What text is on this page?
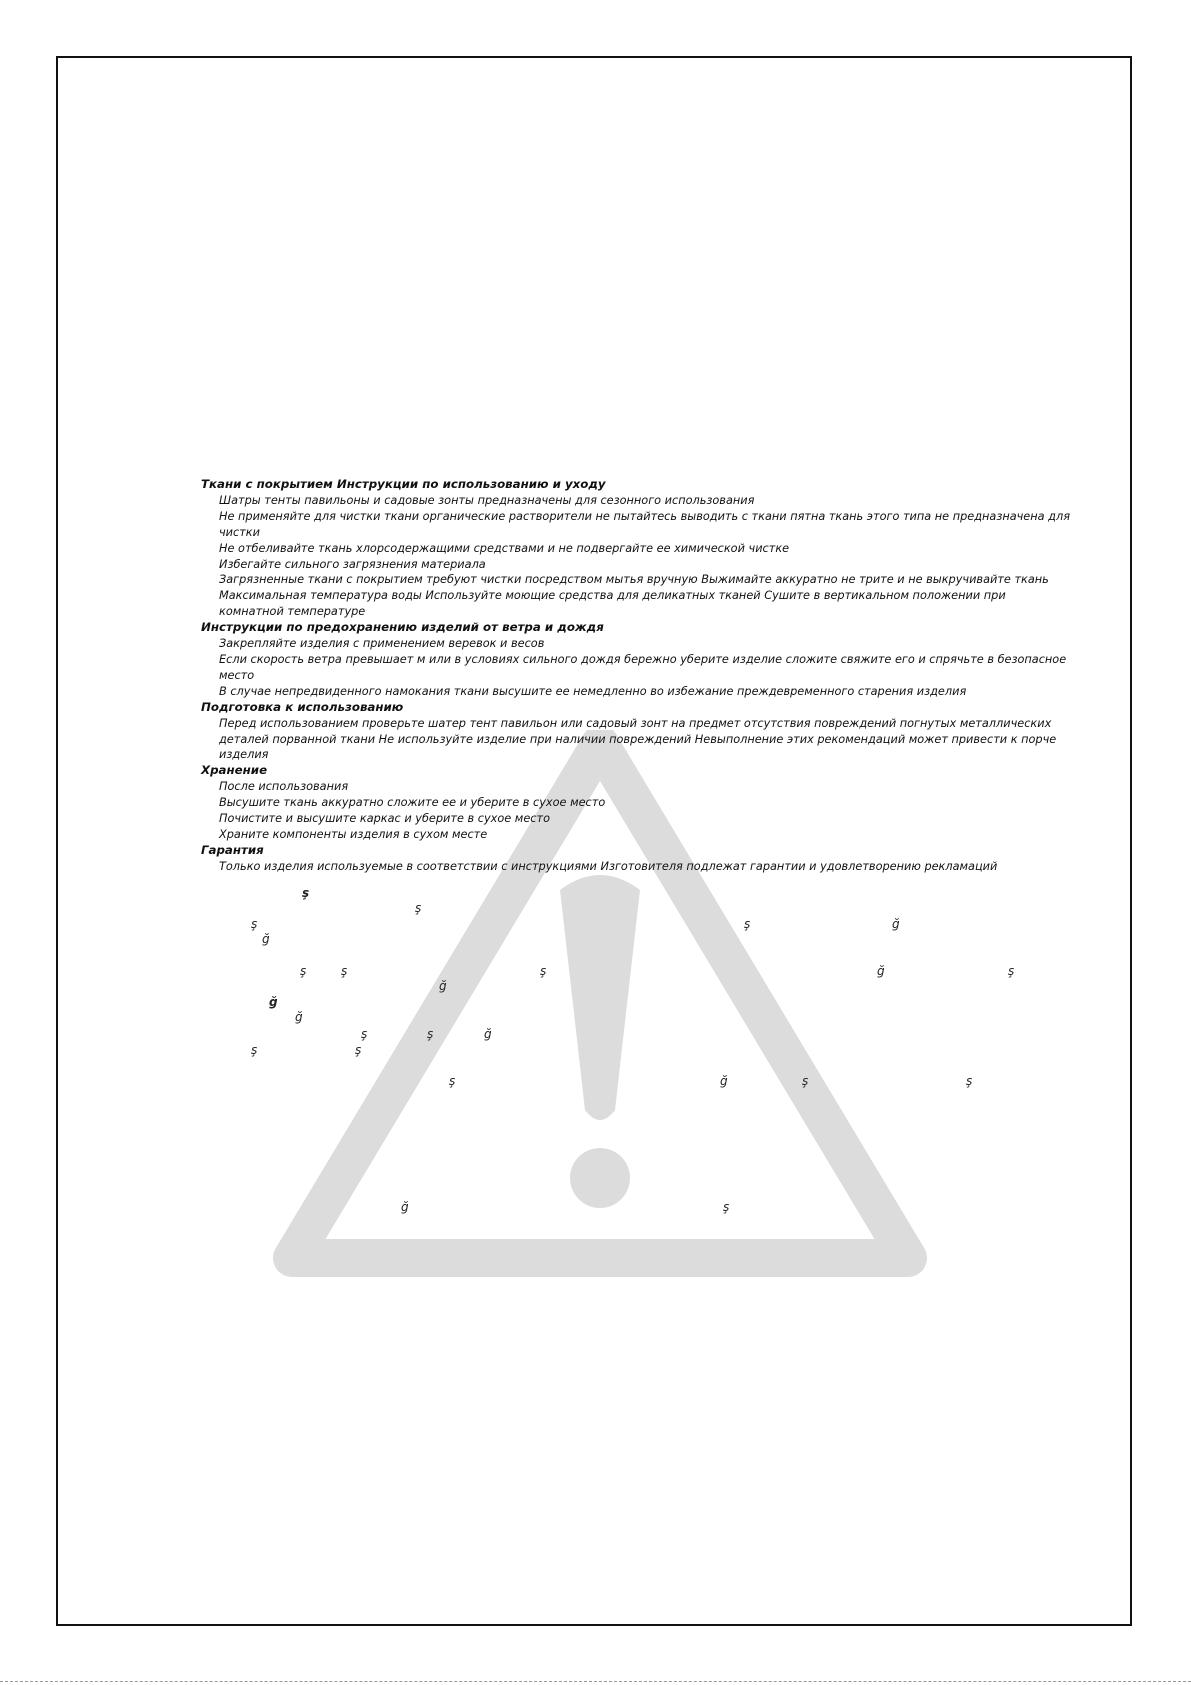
Ткани с покрытием Инструкции по использованию и уходу
Шатры тенты павильоны и садовые зонты предназначены для сезонного использования
Не применяйте для чистки ткани органические растворители не пытайтесь выводить с ткани пятна ткань этого типа не предназначена для чистки
Не отбеливайте ткань хлорсодержащими средствами и не подвергайте ее химической чистке
Избегайте сильного загрязнения материала
Загрязненные ткани с покрытием требуют чистки посредством мытья вручную Выжимайте аккуратно не трите и не выкручивайте ткань
Максимальная температура воды Используйте моющие средства для деликатных тканей Сушите в вертикальном положении при комнатной температуре
Инструкции по предохранению изделий от ветра и дождя
Закрепляйте изделия с применением веревок и весов
Если скорость ветра превышает м или в условиях сильного дождя бережно уберите изделие сложите свяжите его и спрячьте в безопасное место
В случае непредвиденного намокания ткани высушите ее немедленно во избежание преждевременного старения изделия
Подготовка к использованию
Перед использованием проверьте шатер тент павильон или садовый зонт на предмет отсутствия повреждений погнутых металлических деталей порванной ткани Не используйте изделие при наличии повреждений Невыполнение этих рекомендаций может привести к порче изделия
Хранение
После использования
Высушите ткань аккуратно сложите ее и уберите в сухое место
Почистите и высушите каркас и уберите в сухое место
Храните компоненты изделия в сухом месте
Гарантия
Только изделия используемые в соответствии с инструкциями Изготовителя подлежат гарантии и удовлетворению рекламаций
ş
ş
ş	ş	ğ
ğ
ş	ş	ş	ğ	ş
ğ
ğ
ğ
ş	ş	ğ
ş	ş
ş	ğ	ş	ş
ğ	ş
